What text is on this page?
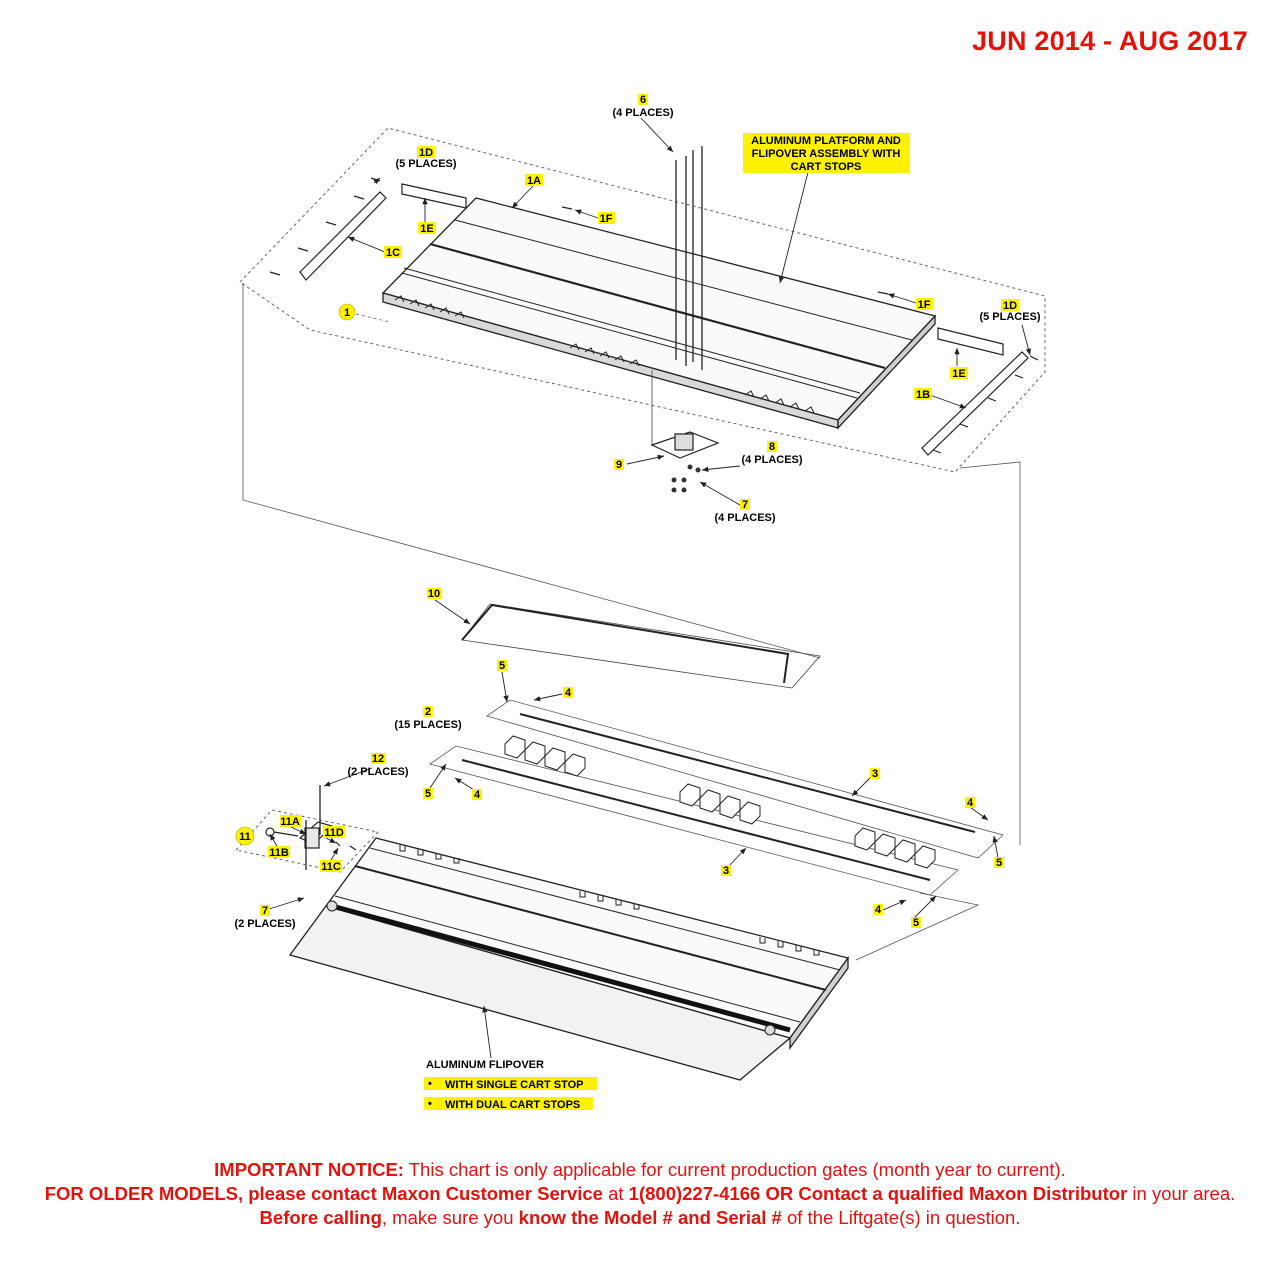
JUN 2014 - AUG 2017
6
(4 PLACES)
ALUMINUM PLATFORM AND
FLIPOVER ASSEMBLY WITH
CART STOPS
1D
(5 PLACES)
1A
1F
1E
1C
1
1F	1D
(5 PLACES)
1E
1B
8
(4 PLACES)
9
7
(4 PLACES)
10
5
4
2
(15 PLACES)
12
(2 PLACES)	3
5	4
4
11A
11D
11
11B
11C	5
3
7
(2 PLACES)
4
5
ALUMINUM FLIPOVER
• WITH SINGLE CART STOP
• WITH DUAL CART STOPS
IMPORTANT NOTICE: This chart is only applicable for current production gates (month year to current).
FOR OLDER MODELS, please contact Maxon Customer Service at 1(800)227-4166 OR Contact a qualified Maxon Distributor in your area. Before calling, make sure you know the Model # and Serial # of the Liftgate(s) in question.
